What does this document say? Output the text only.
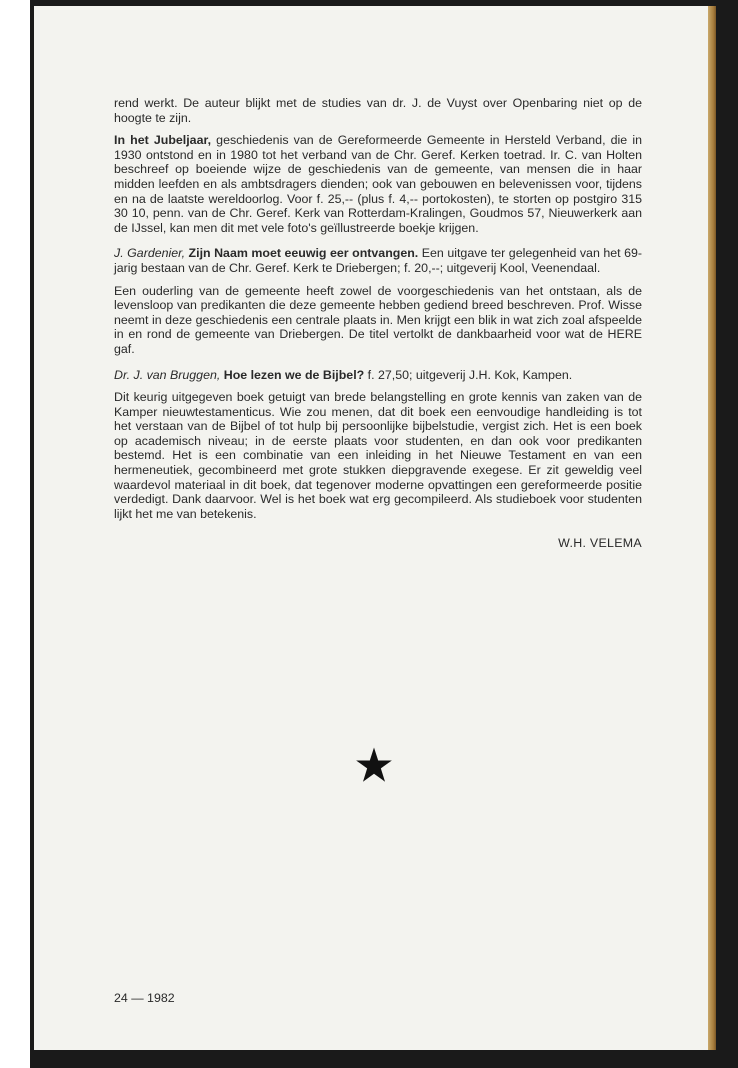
rend werkt. De auteur blijkt met de studies van dr. J. de Vuyst over Openbaring niet op de hoogte te zijn.

In het Jubeljaar, geschiedenis van de Gereformeerde Gemeente in Hersteld Verband, die in 1930 ontstond en in 1980 tot het verband van de Chr. Geref. Kerken toetrad. Ir. C. van Holten beschreef op boeiende wijze de geschiedenis van de gemeente, van mensen die in haar midden leefden en als ambtsdragers dienden; ook van gebouwen en belevenissen voor, tijdens en na de laatste wereldoorlog. Voor f. 25,-- (plus f. 4,-- portokosten), te storten op postgiro 315 30 10, penn. van de Chr. Geref. Kerk van Rotterdam-Kralingen, Goudmos 57, Nieuwerkerk aan de IJssel, kan men dit met vele foto's geïllustreerde boekje krijgen.

J. Gardenier, Zijn Naam moet eeuwig eer ontvangen. Een uitgave ter gelegenheid van het 69-jarig bestaan van de Chr. Geref. Kerk te Driebergen; f. 20,--; uitgeverij Kool, Veenendaal.

Een ouderling van de gemeente heeft zowel de voorgeschiedenis van het ontstaan, als de levensloop van predikanten die deze gemeente hebben gediend breed beschreven. Prof. Wisse neemt in deze geschiedenis een centrale plaats in. Men krijgt een blik in wat zich zoal afspeelde in en rond de gemeente van Driebergen. De titel vertolkt de dankbaarheid voor wat de HERE gaf.

Dr. J. van Bruggen, Hoe lezen we de Bijbel? f. 27,50; uitgeverij J.H. Kok, Kampen.

Dit keurig uitgegeven boek getuigt van brede belangstelling en grote kennis van zaken van de Kamper nieuwtestamenticus. Wie zou menen, dat dit boek een eenvoudige handleiding is tot het verstaan van de Bijbel of tot hulp bij persoonlijke bijbelstudie, vergist zich. Het is een boek op academisch niveau; in de eerste plaats voor studenten, en dan ook voor predikanten bestemd. Het is een combinatie van een inleiding in het Nieuwe Testament en van een hermeneutiek, gecombineerd met grote stukken diepgravende exegese. Er zit geweldig veel waardevol materiaal in dit boek, dat tegenover moderne opvattingen een gereformeerde positie verdedigt. Dank daarvoor. Wel is het boek wat erg gecompileerd. Als studieboek voor studenten lijkt het me van betekenis.

W.H. VELEMA
24 — 1982
